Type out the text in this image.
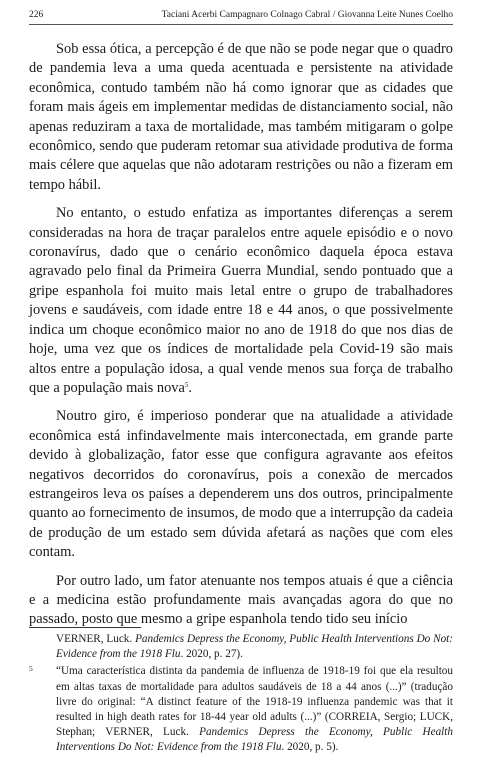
226	Taciani Acerbi Campagnaro Colnago Cabral / Giovanna Leite Nunes Coelho

Sob essa ótica, a percepção é de que não se pode negar que o quadro de pandemia leva a uma queda acentuada e persistente na atividade econômica, contudo também não há como ignorar que as cidades que foram mais ágeis em implementar medidas de distanciamento social, não apenas reduziram a taxa de mortalidade, mas também mitigaram o golpe econômico, sendo que puderam retomar sua atividade produtiva de forma mais célere que aquelas que não adotaram restrições ou não a fizeram em tempo hábil.

No entanto, o estudo enfatiza as importantes diferenças a serem consideradas na hora de traçar paralelos entre aquele episódio e o novo coronavírus, dado que o cenário econômico daquela época estava agravado pelo final da Primeira Guerra Mundial, sendo pontuado que a gripe espanhola foi muito mais letal entre o grupo de trabalhadores jovens e saudáveis, com idade entre 18 e 44 anos, o que possivelmente indica um choque econômico maior no ano de 1918 do que nos dias de hoje, uma vez que os índices de mortalidade pela Covid-19 são mais altos entre a população idosa, a qual vende menos sua força de trabalho que a população mais nova$^5$.

Noutro giro, é imperioso ponderar que na atualidade a atividade econômica está infindavelmente mais interconectada, em grande parte devido à globalização, fator esse que configura agravante aos efeitos negativos decorridos do coronavírus, pois a conexão de mercados estrangeiros leva os países a dependerem uns dos outros, principalmente quanto ao fornecimento de insumos, de modo que a interrupção da cadeia de produção de um estado sem dúvida afetará as nações que com eles contam.

Por outro lado, um fator atenuante nos tempos atuais é que a ciência e a medicina estão profundamente mais avançadas agora do que no passado, posto que mesmo a gripe espanhola tendo tido seu início

VERNER, Luck. Pandemics Depress the Economy, Public Health Interventions Do Not: Evidence from the 1918 Flu. 2020, p. 27).
5 “Uma característica distinta da pandemia de influenza de 1918-19 foi que ela resultou em altas taxas de mortalidade para adultos saudáveis de 18 a 44 anos (...)” (tradução livre do original: “A distinct feature of the 1918-19 influenza pandemic was that it resulted in high death rates for 18-44 year old adults (...)” (CORREIA, Sergio; LUCK, Stephan; VERNER, Luck. Pandemics Depress the Economy, Public Health Interventions Do Not: Evidence from the 1918 Flu. 2020, p. 5).
